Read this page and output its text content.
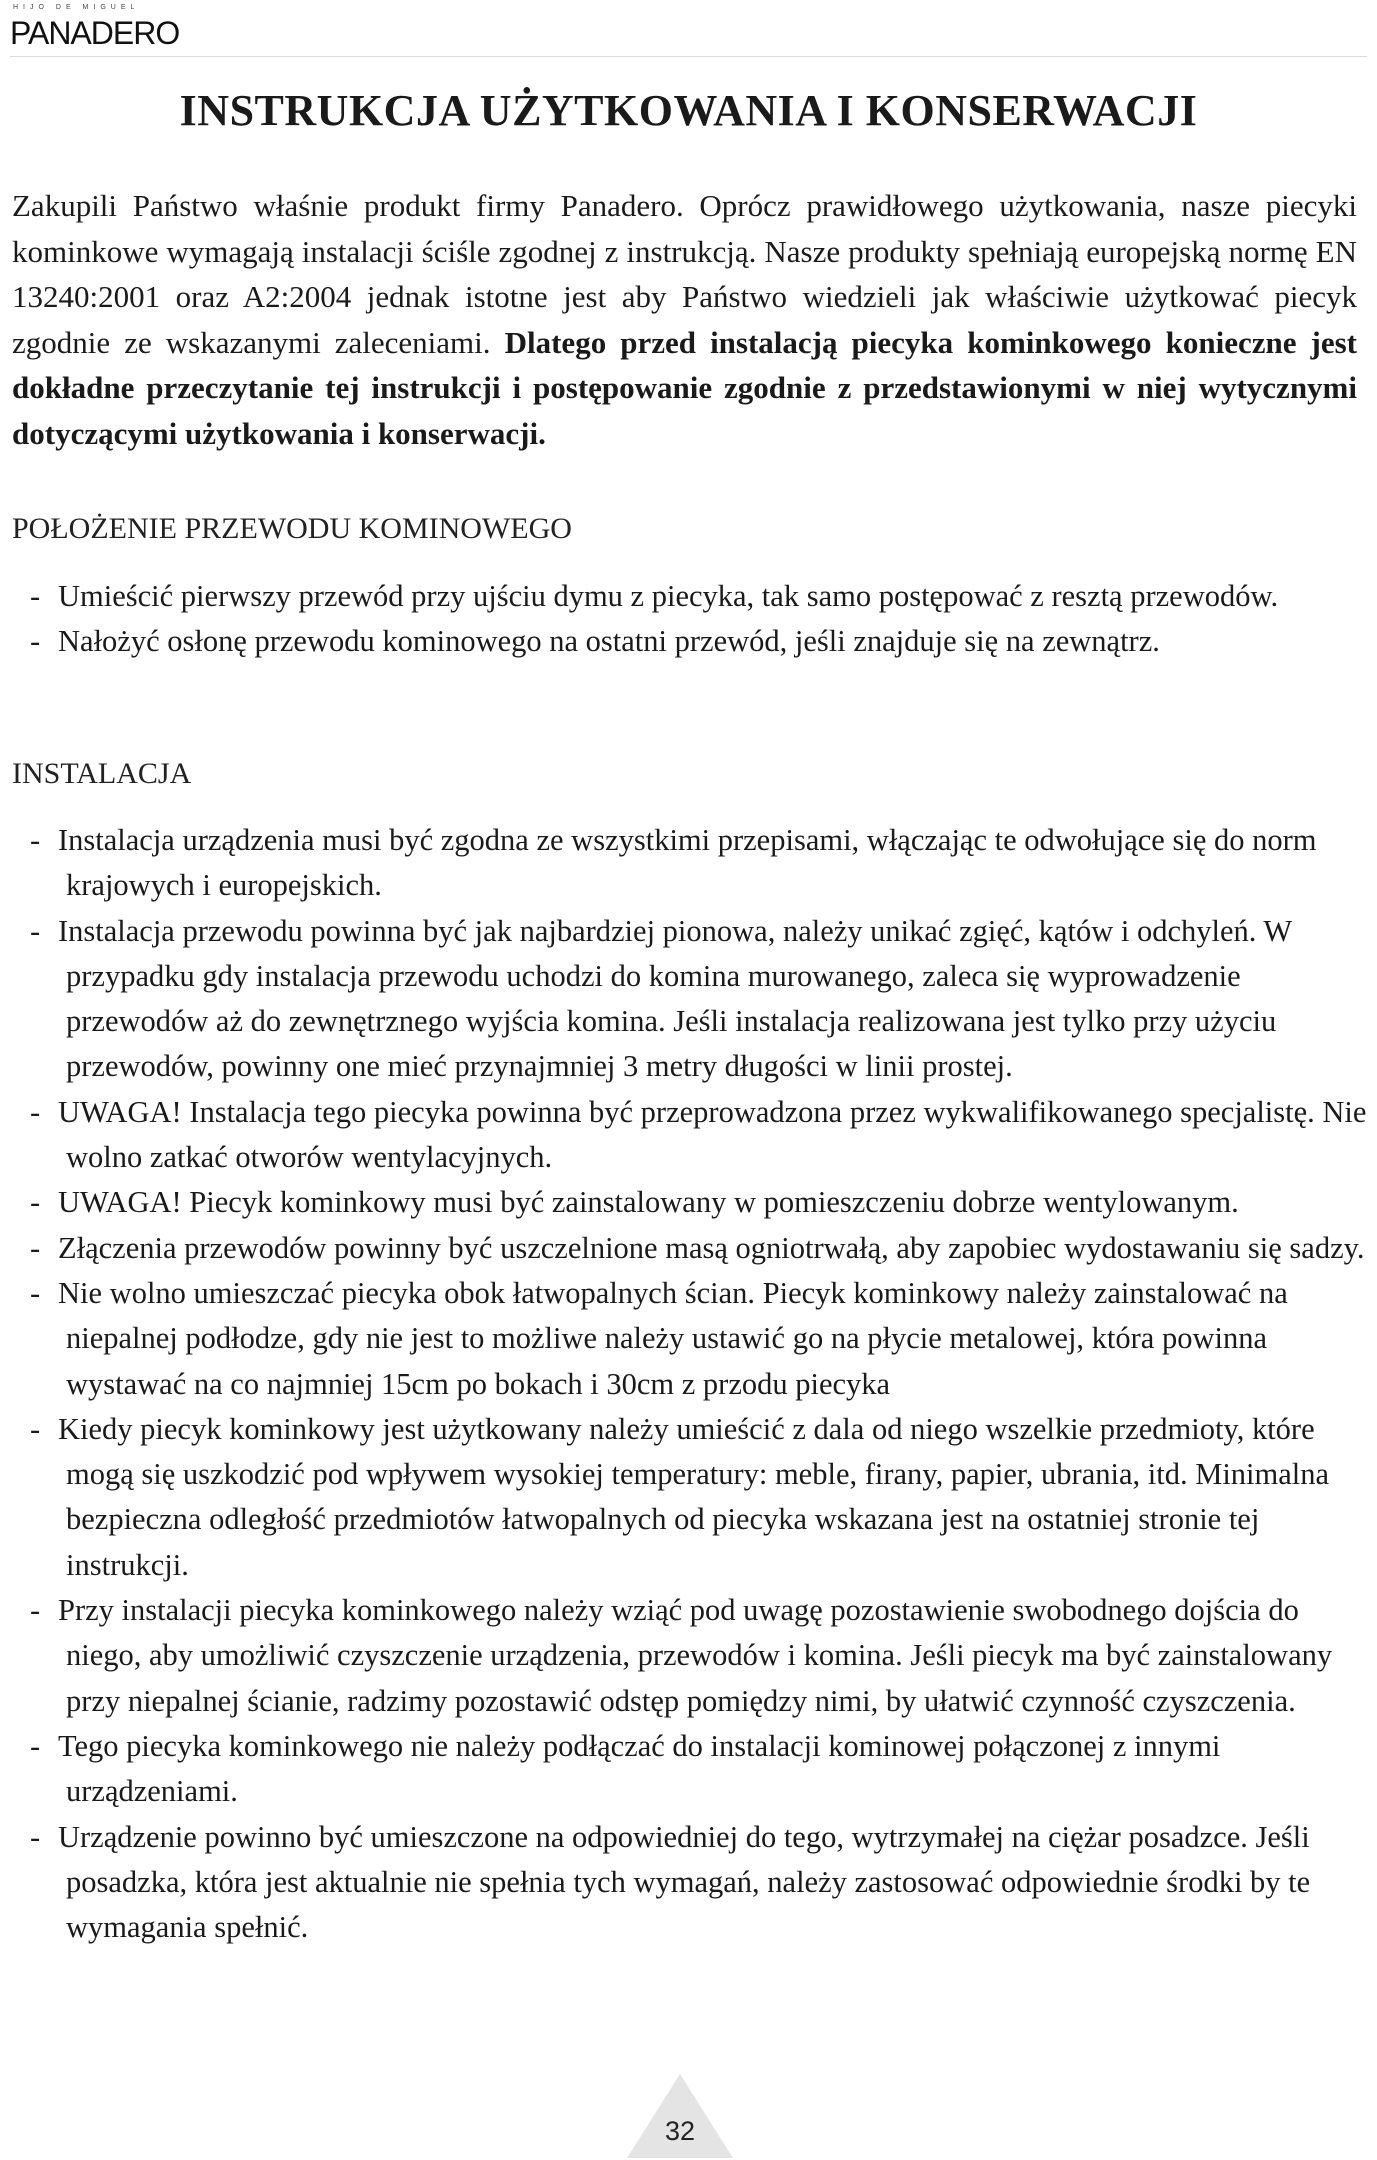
HIJO DE MIGUEL
PANADERO
INSTRUKCJA UŻYTKOWANIA I KONSERWACJI

Zakupili Państwo właśnie produkt firmy Panadero. Oprócz prawidłowego użytkowania, nasze piecyki kominkowe wymagają instalacji ściśle zgodnej z instrukcją. Nasze produkty spełniają europejską normę EN 13240:2001 oraz A2:2004 jednak istotne jest aby Państwo wiedzieli jak właściwie użytkować piecyk zgodnie ze wskazanymi zaleceniami. Dlatego przed instalacją piecyka kominkowego konieczne jest dokładne przeczytanie tej instrukcji i postępowanie zgodnie z przedstawionymi w niej wytycznymi dotyczącymi użytkowania i konserwacji.

POŁOŻENIE PRZEWODU KOMINOWEGO
- Umieścić pierwszy przewód przy ujściu dymu z piecyka, tak samo postępować z resztą przewodów.
- Nałożyć osłonę przewodu kominowego na ostatni przewód, jeśli znajduje się na zewnątrz.
INSTALACJA
- Instalacja urządzenia musi być zgodna ze wszystkimi przepisami, włączając te odwołujące się do norm krajowych i europejskich.
- Instalacja przewodu powinna być jak najbardziej pionowa, należy unikać zgięć, kątów i odchyleń. W przypadku gdy instalacja przewodu uchodzi do komina murowanego, zaleca się wyprowadzenie przewodów aż do zewnętrznego wyjścia komina. Jeśli instalacja realizowana jest tylko przy użyciu przewodów, powinny one mieć przynajmniej 3 metry długości w linii prostej.
- UWAGA! Instalacja tego piecyka powinna być przeprowadzona przez wykwalifikowanego specjalistę. Nie wolno zatkać otworów wentylacyjnych.
- UWAGA! Piecyk kominkowy musi być zainstalowany w pomieszczeniu dobrze wentylowanym.
- Złączenia przewodów powinny być uszczelnione masą ogniotrwałą, aby zapobiec wydostawaniu się sadzy.
- Nie wolno umieszczać piecyka obok łatwopalnych ścian. Piecyk kominkowy należy zainstalować na niepalnej podłodze, gdy nie jest to możliwe należy ustawić go na płycie metalowej, która powinna wystawać na co najmniej 15cm po bokach i 30cm z przodu piecyka
- Kiedy piecyk kominkowy jest użytkowany należy umieścić z dala od niego wszelkie przedmioty, które mogą się uszkodzić pod wpływem wysokiej temperatury: meble, firany, papier, ubrania, itd. Minimalna bezpieczna odległość przedmiotów łatwopalnych od piecyka wskazana jest na ostatniej stronie tej instrukcji.
- Przy instalacji piecyka kominkowego należy wziąć pod uwagę pozostawienie swobodnego dojścia do niego, aby umożliwić czyszczenie urządzenia, przewodów i komina. Jeśli piecyk ma być zainstalowany przy niepalnej ścianie, radzimy pozostawić odstęp pomiędzy nimi, by ułatwić czynność czyszczenia.
- Tego piecyka kominkowego nie należy podłączać do instalacji kominowej połączonej z innymi urządzeniami.
- Urządzenie powinno być umieszczone na odpowiedniej do tego, wytrzymałej na ciężar posadzce. Jeśli posadzka, która jest aktualnie nie spełnia tych wymagań, należy zastosować odpowiednie środki by te wymagania spełnić.
32
